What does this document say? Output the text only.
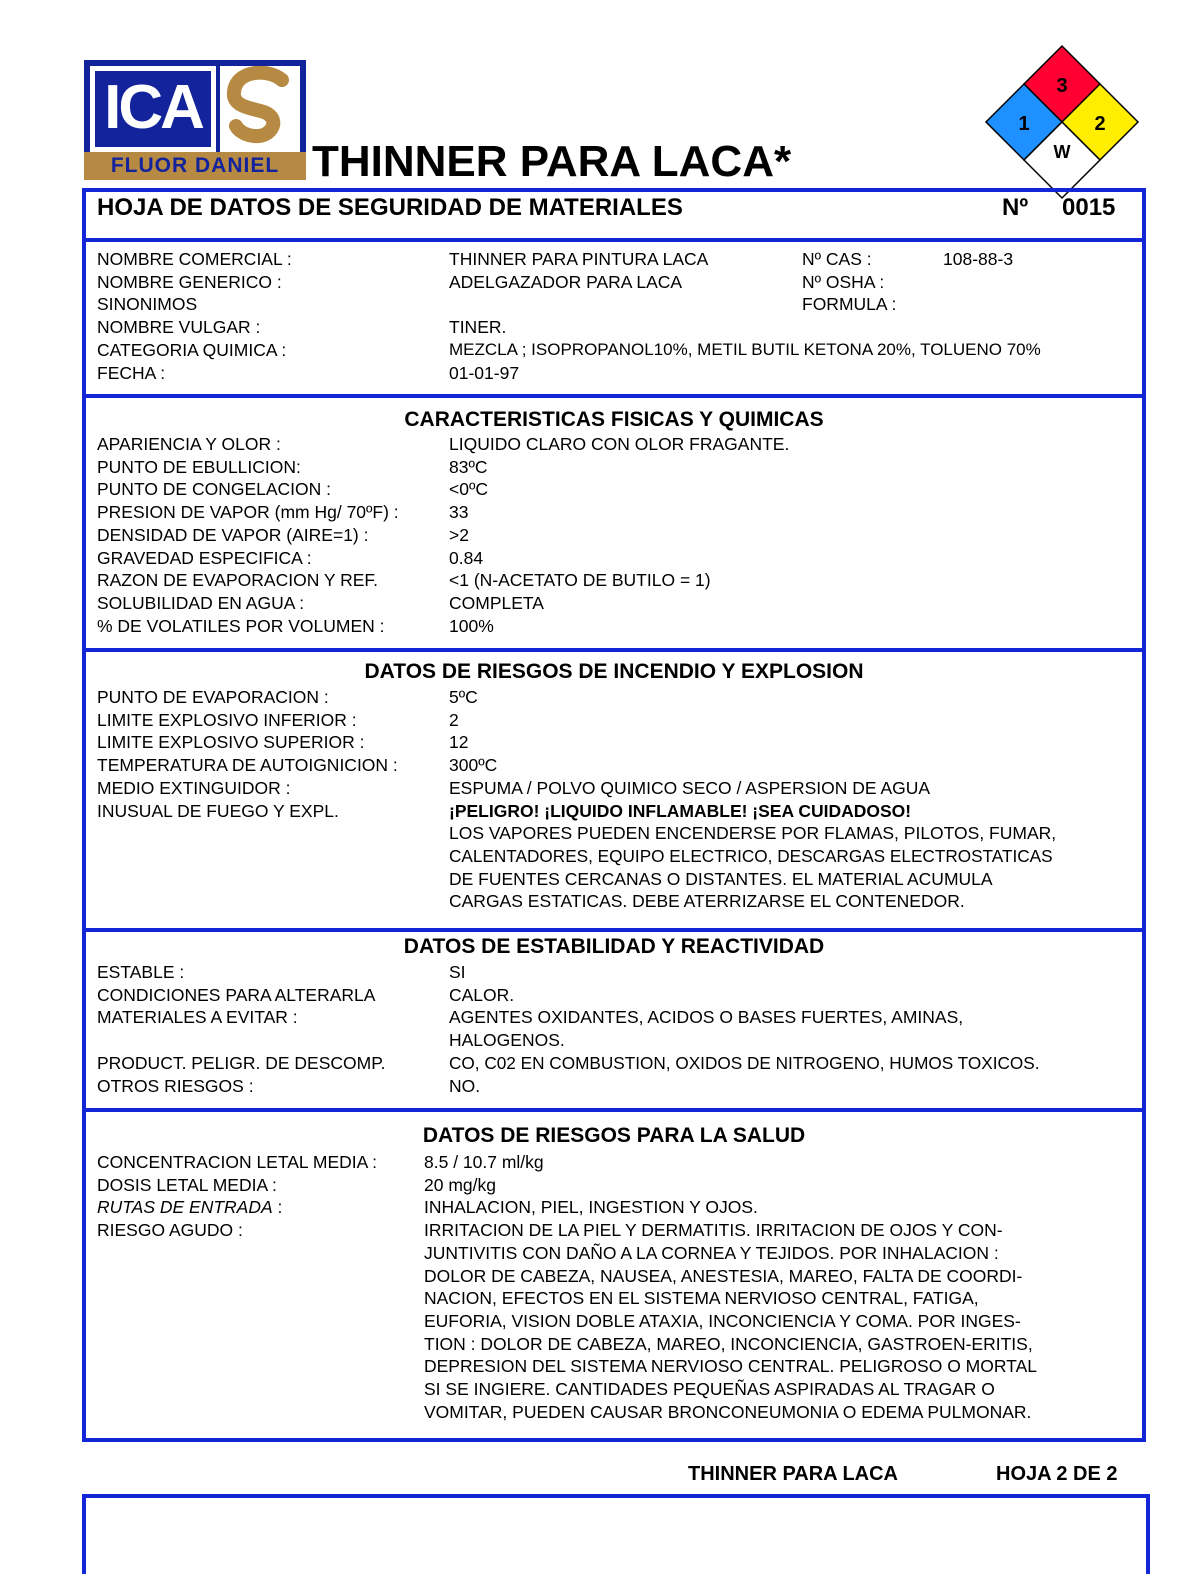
ICA
FLUOR DANIEL THINNER PARA LACA*
3
1	2
W
HOJA DE DATOS DE SEGURIDAD DE MATERIALES	Nº 0015
NOMBRE COMERCIAL :	THINNER PARA PINTURA LACA
NOMBRE GENERICO :	ADELGAZADOR PARA LACA
SINONIMOS
NOMBRE VULGAR :	TINER.
CATEGORIA QUIMICA :	MEZCLA ; ISOPROPANOL10%, METIL BUTIL KETONA 20%, TOLUENO 70%
FECHA :	01-01-97
Nº CAS :	108-88-3
Nº OSHA :
FORMULA :
CARACTERISTICAS FISICAS Y QUIMICAS
APARIENCIA Y OLOR :	LIQUIDO CLARO CON OLOR FRAGANTE.
PUNTO DE EBULLICION:	83ºC
PUNTO DE CONGELACION :	<0ºC
PRESION DE VAPOR (mm Hg/ 70ºF) :	33
DENSIDAD DE VAPOR (AIRE=1) :	>2
GRAVEDAD ESPECIFICA :	0.84
RAZON DE EVAPORACION Y REF.	<1 (N-ACETATO DE BUTILO = 1)
SOLUBILIDAD EN AGUA :	COMPLETA
% DE VOLATILES POR VOLUMEN :	100%
DATOS DE RIESGOS DE INCENDIO Y EXPLOSION
PUNTO DE EVAPORACION :	5ºC
LIMITE EXPLOSIVO INFERIOR :	2
LIMITE EXPLOSIVO SUPERIOR :	12
TEMPERATURA DE AUTOIGNICION :	300ºC
MEDIO EXTINGUIDOR :	ESPUMA / POLVO QUIMICO SECO / ASPERSION DE AGUA
INUSUAL DE FUEGO Y EXPL.	¡PELIGRO! ¡LIQUIDO INFLAMABLE! ¡SEA CUIDADOSO!
LOS VAPORES PUEDEN ENCENDERSE POR FLAMAS, PILOTOS, FUMAR,
CALENTADORES, EQUIPO ELECTRICO, DESCARGAS ELECTROSTATICAS
DE FUENTES CERCANAS O DISTANTES. EL MATERIAL ACUMULA
CARGAS ESTATICAS. DEBE ATERRIZARSE EL CONTENEDOR.
DATOS DE ESTABILIDAD Y REACTIVIDAD
ESTABLE :	SI
CONDICIONES PARA ALTERARLA	CALOR.
MATERIALES A EVITAR :	AGENTES OXIDANTES, ACIDOS O BASES FUERTES, AMINAS,
HALOGENOS.
PRODUCT. PELIGR. DE DESCOMP.	CO, C02 EN COMBUSTION, OXIDOS DE NITROGENO, HUMOS TOXICOS.
OTROS RIESGOS :	NO.
DATOS DE RIESGOS PARA LA SALUD
CONCENTRACION LETAL MEDIA :	8.5 / 10.7 ml/kg
DOSIS LETAL MEDIA :	20 mg/kg
RUTAS DE ENTRADA :	INHALACION, PIEL, INGESTION Y OJOS.
RIESGO AGUDO :	IRRITACION DE LA PIEL Y DERMATITIS. IRRITACION DE OJOS Y CON-
JUNTIVITIS CON DAÑO A LA CORNEA Y TEJIDOS. POR INHALACION :
DOLOR DE CABEZA, NAUSEA, ANESTESIA, MAREO, FALTA DE COORDI-
NACION, EFECTOS EN EL SISTEMA NERVIOSO CENTRAL, FATIGA,
EUFORIA, VISION DOBLE ATAXIA, INCONCIENCIA Y COMA. POR INGES-
TION : DOLOR DE CABEZA, MAREO, INCONCIENCIA, GASTROEN-ERITIS,
DEPRESION DEL SISTEMA NERVIOSO CENTRAL. PELIGROSO O MORTAL
SI SE INGIERE. CANTIDADES PEQUEÑAS ASPIRADAS AL TRAGAR O
VOMITAR, PUEDEN CAUSAR BRONCONEUMONIA O EDEMA PULMONAR.
THINNER PARA LACA	HOJA 2 DE 2
